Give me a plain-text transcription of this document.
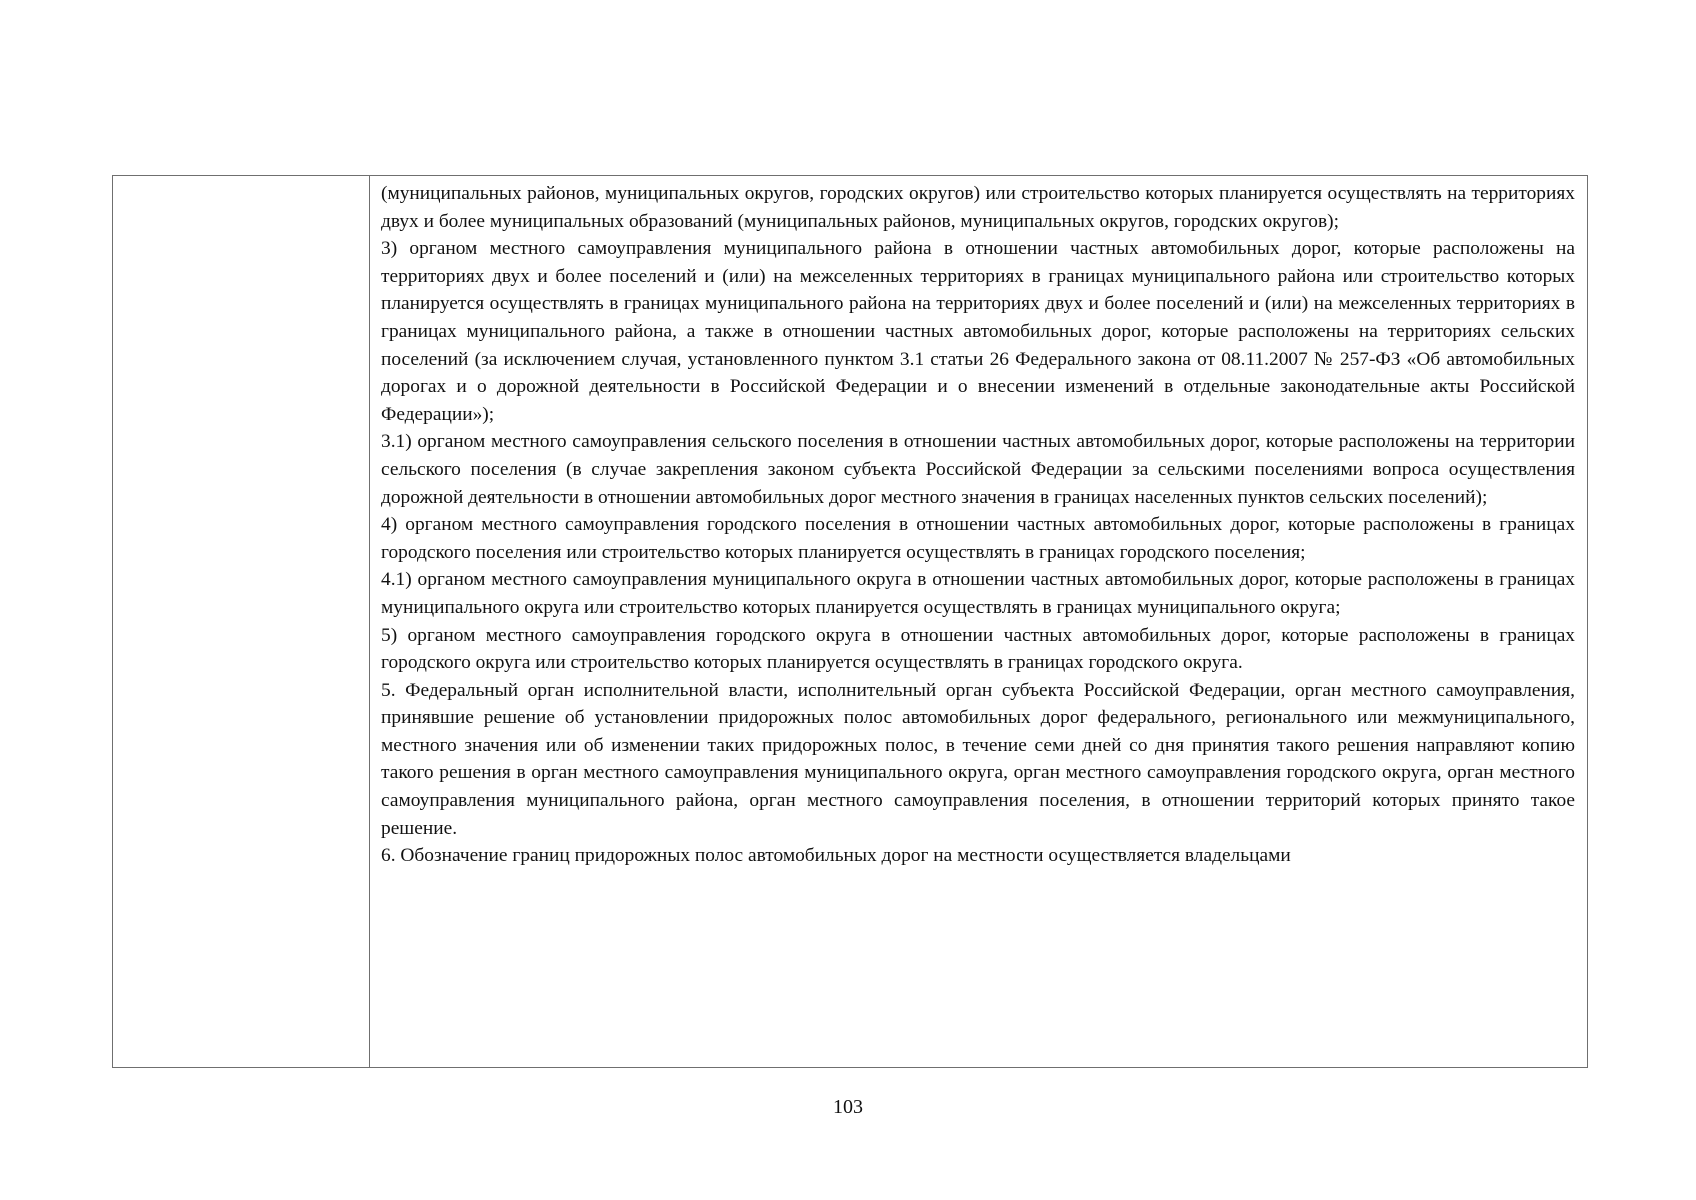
(муниципальных районов, муниципальных округов, городских округов) или строительство которых планируется осуществлять на территориях двух и более муниципальных образований (муниципальных районов, муниципальных округов, городских округов);

3) органом местного самоуправления муниципального района в отношении частных автомобильных дорог, которые расположены на территориях двух и более поселений и (или) на межселенных территориях в границах муниципального района или строительство которых планируется осуществлять в границах муниципального района на территориях двух и более поселений и (или) на межселенных территориях в границах муниципального района, а также в отношении частных автомобильных дорог, которые расположены на территориях сельских поселений (за исключением случая, установленного пунктом 3.1 статьи 26 Федерального закона от 08.11.2007 № 257-ФЗ «Об автомобильных дорогах и о дорожной деятельности в Российской Федерации и о внесении изменений в отдельные законодательные акты Российской Федерации»);

3.1) органом местного самоуправления сельского поселения в отношении частных автомобильных дорог, которые расположены на территории сельского поселения (в случае закрепления законом субъекта Российской Федерации за сельскими поселениями вопроса осуществления дорожной деятельности в отношении автомобильных дорог местного значения в границах населенных пунктов сельских поселений);

4) органом местного самоуправления городского поселения в отношении частных автомобильных дорог, которые расположены в границах городского поселения или строительство которых планируется осуществлять в границах городского поселения;

4.1) органом местного самоуправления муниципального округа в отношении частных автомобильных дорог, которые расположены в границах муниципального округа или строительство которых планируется осуществлять в границах муниципального округа;

5) органом местного самоуправления городского округа в отношении частных автомобильных дорог, которые расположены в границах городского округа или строительство которых планируется осуществлять в границах городского округа.

5. Федеральный орган исполнительной власти, исполнительный орган субъекта Российской Федерации, орган местного самоуправления, принявшие решение об установлении придорожных полос автомобильных дорог федерального, регионального или межмуниципального, местного значения или об изменении таких придорожных полос, в течение семи дней со дня принятия такого решения направляют копию такого решения в орган местного самоуправления муниципального округа, орган местного самоуправления городского округа, орган местного самоуправления муниципального района, орган местного самоуправления поселения, в отношении территорий которых принято такое решение.

6. Обозначение границ придорожных полос автомобильных дорог на местности осуществляется владельцами

103
